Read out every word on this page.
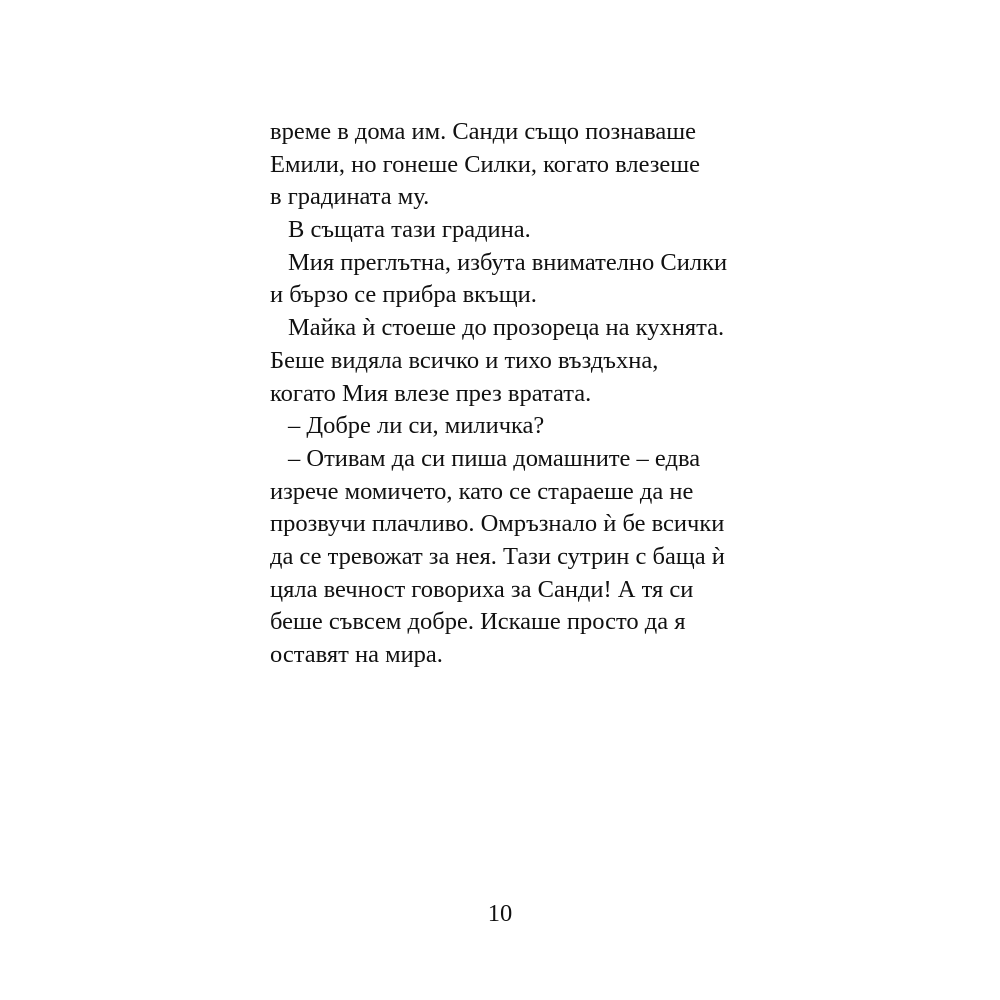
време в дома им. Санди също познаваше
Емили, но гонеше Силки, когато влезеше
в градината му.
В същата тази градина.
Мия преглътна, избута внимателно Силки
и бързо се прибра вкъщи.
Майка ѝ стоеше до прозореца на кухнята.
Беше видяла всичко и тихо въздъхна,
когато Мия влезе през вратата.
– Добре ли си, миличка?
– Отивам да си пиша домашните – едва
изрече момичето, като се стараеше да не
прозвучи плачливо. Омръзнало ѝ бе всички
да се тревожат за нея. Тази сутрин с баща ѝ
цяла вечност говориха за Санди! А тя си
беше съвсем добре. Искаше просто да я
оставят на мира.
10
